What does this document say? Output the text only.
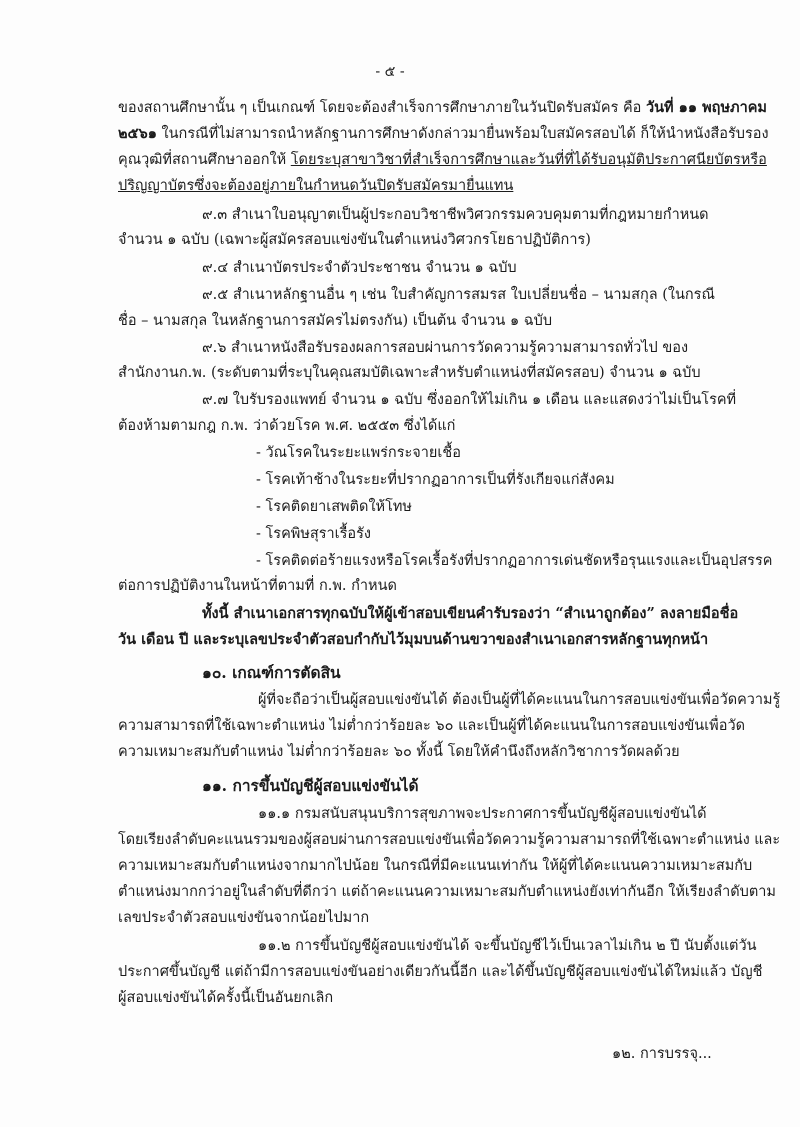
- ๕ -
ของสถานศึกษานั้น ๆ เป็นเกณฑ์ โดยจะต้องสำเร็จการศึกษาภายในวันปิดรับสมัคร คือ วันที่ ๑๑ พฤษภาคม
๒๕๖๑ ในกรณีที่ไม่สามารถนำหลักฐานการศึกษาดังกล่าวมายื่นพร้อมใบสมัครสอบได้ ก็ให้นำหนังสือรับรอง
คุณวุฒิที่สถานศึกษาออกให้ โดยระบุสาขาวิชาที่สำเร็จการศึกษาและวันที่ที่ได้รับอนุมัติประกาศนียบัตรหรือ
ปริญญาบัตรซึ่งจะต้องอยู่ภายในกำหนดวันปิดรับสมัครมายื่นแทน
๙.๓ สำเนาใบอนุญาตเป็นผู้ประกอบวิชาชีพวิศวกรรมควบคุมตามที่กฎหมายกำหนด
จำนวน ๑ ฉบับ (เฉพาะผู้สมัครสอบแข่งขันในตำแหน่งวิศวกรโยธาปฏิบัติการ)
๙.๔ สำเนาบัตรประจำตัวประชาชน จำนวน ๑ ฉบับ
๙.๕ สำเนาหลักฐานอื่น ๆ เช่น ใบสำคัญการสมรส ใบเปลี่ยนชื่อ – นามสกุล (ในกรณี
ชื่อ – นามสกุล ในหลักฐานการสมัครไม่ตรงกัน) เป็นต้น จำนวน ๑ ฉบับ
๙.๖ สำเนาหนังสือรับรองผลการสอบผ่านการวัดความรู้ความสามารถทั่วไป ของ
สำนักงานก.พ. (ระดับตามที่ระบุในคุณสมบัติเฉพาะสำหรับตำแหน่งที่สมัครสอบ) จำนวน ๑ ฉบับ
๙.๗ ใบรับรองแพทย์ จำนวน ๑ ฉบับ ซึ่งออกให้ไม่เกิน ๑ เดือน และแสดงว่าไม่เป็นโรคที่
ต้องห้ามตามกฎ ก.พ. ว่าด้วยโรค พ.ศ. ๒๕๕๓ ซึ่งได้แก่
- วัณโรคในระยะแพร่กระจายเชื้อ
- โรคเท้าช้างในระยะที่ปรากฏอาการเป็นที่รังเกียจแก่สังคม
- โรคติดยาเสพติดให้โทษ
- โรคพิษสุราเรื้อรัง
- โรคติดต่อร้ายแรงหรือโรคเรื้อรังที่ปรากฏอาการเด่นชัดหรือรุนแรงและเป็นอุปสรรค
ต่อการปฏิบัติงานในหน้าที่ตามที่ ก.พ. กำหนด
ทั้งนี้ สำเนาเอกสารทุกฉบับให้ผู้เข้าสอบเขียนคำรับรองว่า “สำเนาถูกต้อง” ลงลายมือชื่อ
วัน เดือน ปี และระบุเลขประจำตัวสอบกำกับไว้มุมบนด้านขวาของสำเนาเอกสารหลักฐานทุกหน้า
๑๐. เกณฑ์การตัดสิน
ผู้ที่จะถือว่าเป็นผู้สอบแข่งขันได้ ต้องเป็นผู้ที่ได้คะแนนในการสอบแข่งขันเพื่อวัดความรู้
ความสามารถที่ใช้เฉพาะตำแหน่ง ไม่ต่ำกว่าร้อยละ ๖๐ และเป็นผู้ที่ได้คะแนนในการสอบแข่งขันเพื่อวัด
ความเหมาะสมกับตำแหน่ง ไม่ต่ำกว่าร้อยละ ๖๐ ทั้งนี้ โดยให้คำนึงถึงหลักวิชาการวัดผลด้วย
๑๑. การขึ้นบัญชีผู้สอบแข่งขันได้
๑๑.๑ กรมสนับสนุนบริการสุขภาพจะประกาศการขึ้นบัญชีผู้สอบแข่งขันได้
โดยเรียงลำดับคะแนนรวมของผู้สอบผ่านการสอบแข่งขันเพื่อวัดความรู้ความสามารถที่ใช้เฉพาะตำแหน่ง และ
ความเหมาะสมกับตำแหน่งจากมากไปน้อย ในกรณีที่มีคะแนนเท่ากัน ให้ผู้ที่ได้คะแนนความเหมาะสมกับ
ตำแหน่งมากกว่าอยู่ในลำดับที่ดีกว่า แต่ถ้าคะแนนความเหมาะสมกับตำแหน่งยังเท่ากันอีก ให้เรียงลำดับตาม
เลขประจำตัวสอบแข่งขันจากน้อยไปมาก
๑๑.๒ การขึ้นบัญชีผู้สอบแข่งขันได้ จะขึ้นบัญชีไว้เป็นเวลาไม่เกิน ๒ ปี นับตั้งแต่วัน
ประกาศขึ้นบัญชี แต่ถ้ามีการสอบแข่งขันอย่างเดียวกันนี้อีก และได้ขึ้นบัญชีผู้สอบแข่งขันได้ใหม่แล้ว บัญชี
ผู้สอบแข่งขันได้ครั้งนี้เป็นอันยกเลิก
๑๒. การบรรจุ...
